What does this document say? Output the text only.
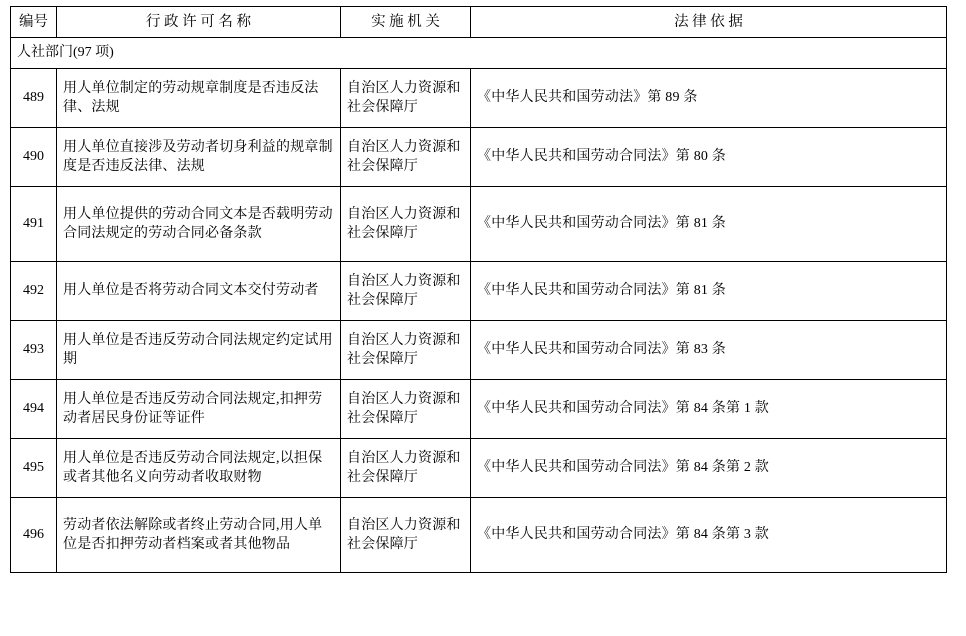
编号	行 政 许 可 名 称	实 施 机 关	法 律 依 据
人社部门(97 项)			
489	用人单位制定的劳动规章制度是否违反法律、法规	自治区人力资源和社会保障厅	《中华人民共和国劳动法》第 89 条
490	用人单位直接涉及劳动者切身利益的规章制度是否违反法律、法规	自治区人力资源和社会保障厅	《中华人民共和国劳动合同法》第 80 条
491	用人单位提供的劳动合同文本是否载明劳动合同法规定的劳动合同必备条款	自治区人力资源和社会保障厅	《中华人民共和国劳动合同法》第 81 条
492	用人单位是否将劳动合同文本交付劳动者	自治区人力资源和社会保障厅	《中华人民共和国劳动合同法》第 81 条
493	用人单位是否违反劳动合同法规定约定试用期	自治区人力资源和社会保障厅	《中华人民共和国劳动合同法》第 83 条
494	用人单位是否违反劳动合同法规定,扣押劳动者居民身份证等证件	自治区人力资源和社会保障厅	《中华人民共和国劳动合同法》第 84 条第 1 款
495	用人单位是否违反劳动合同法规定,以担保或者其他名义向劳动者收取财物	自治区人力资源和社会保障厅	《中华人民共和国劳动合同法》第 84 条第 2 款
496	劳动者依法解除或者终止劳动合同,用人单位是否扣押劳动者档案或者其他物品	自治区人力资源和社会保障厅	《中华人民共和国劳动合同法》第 84 条第 3 款
